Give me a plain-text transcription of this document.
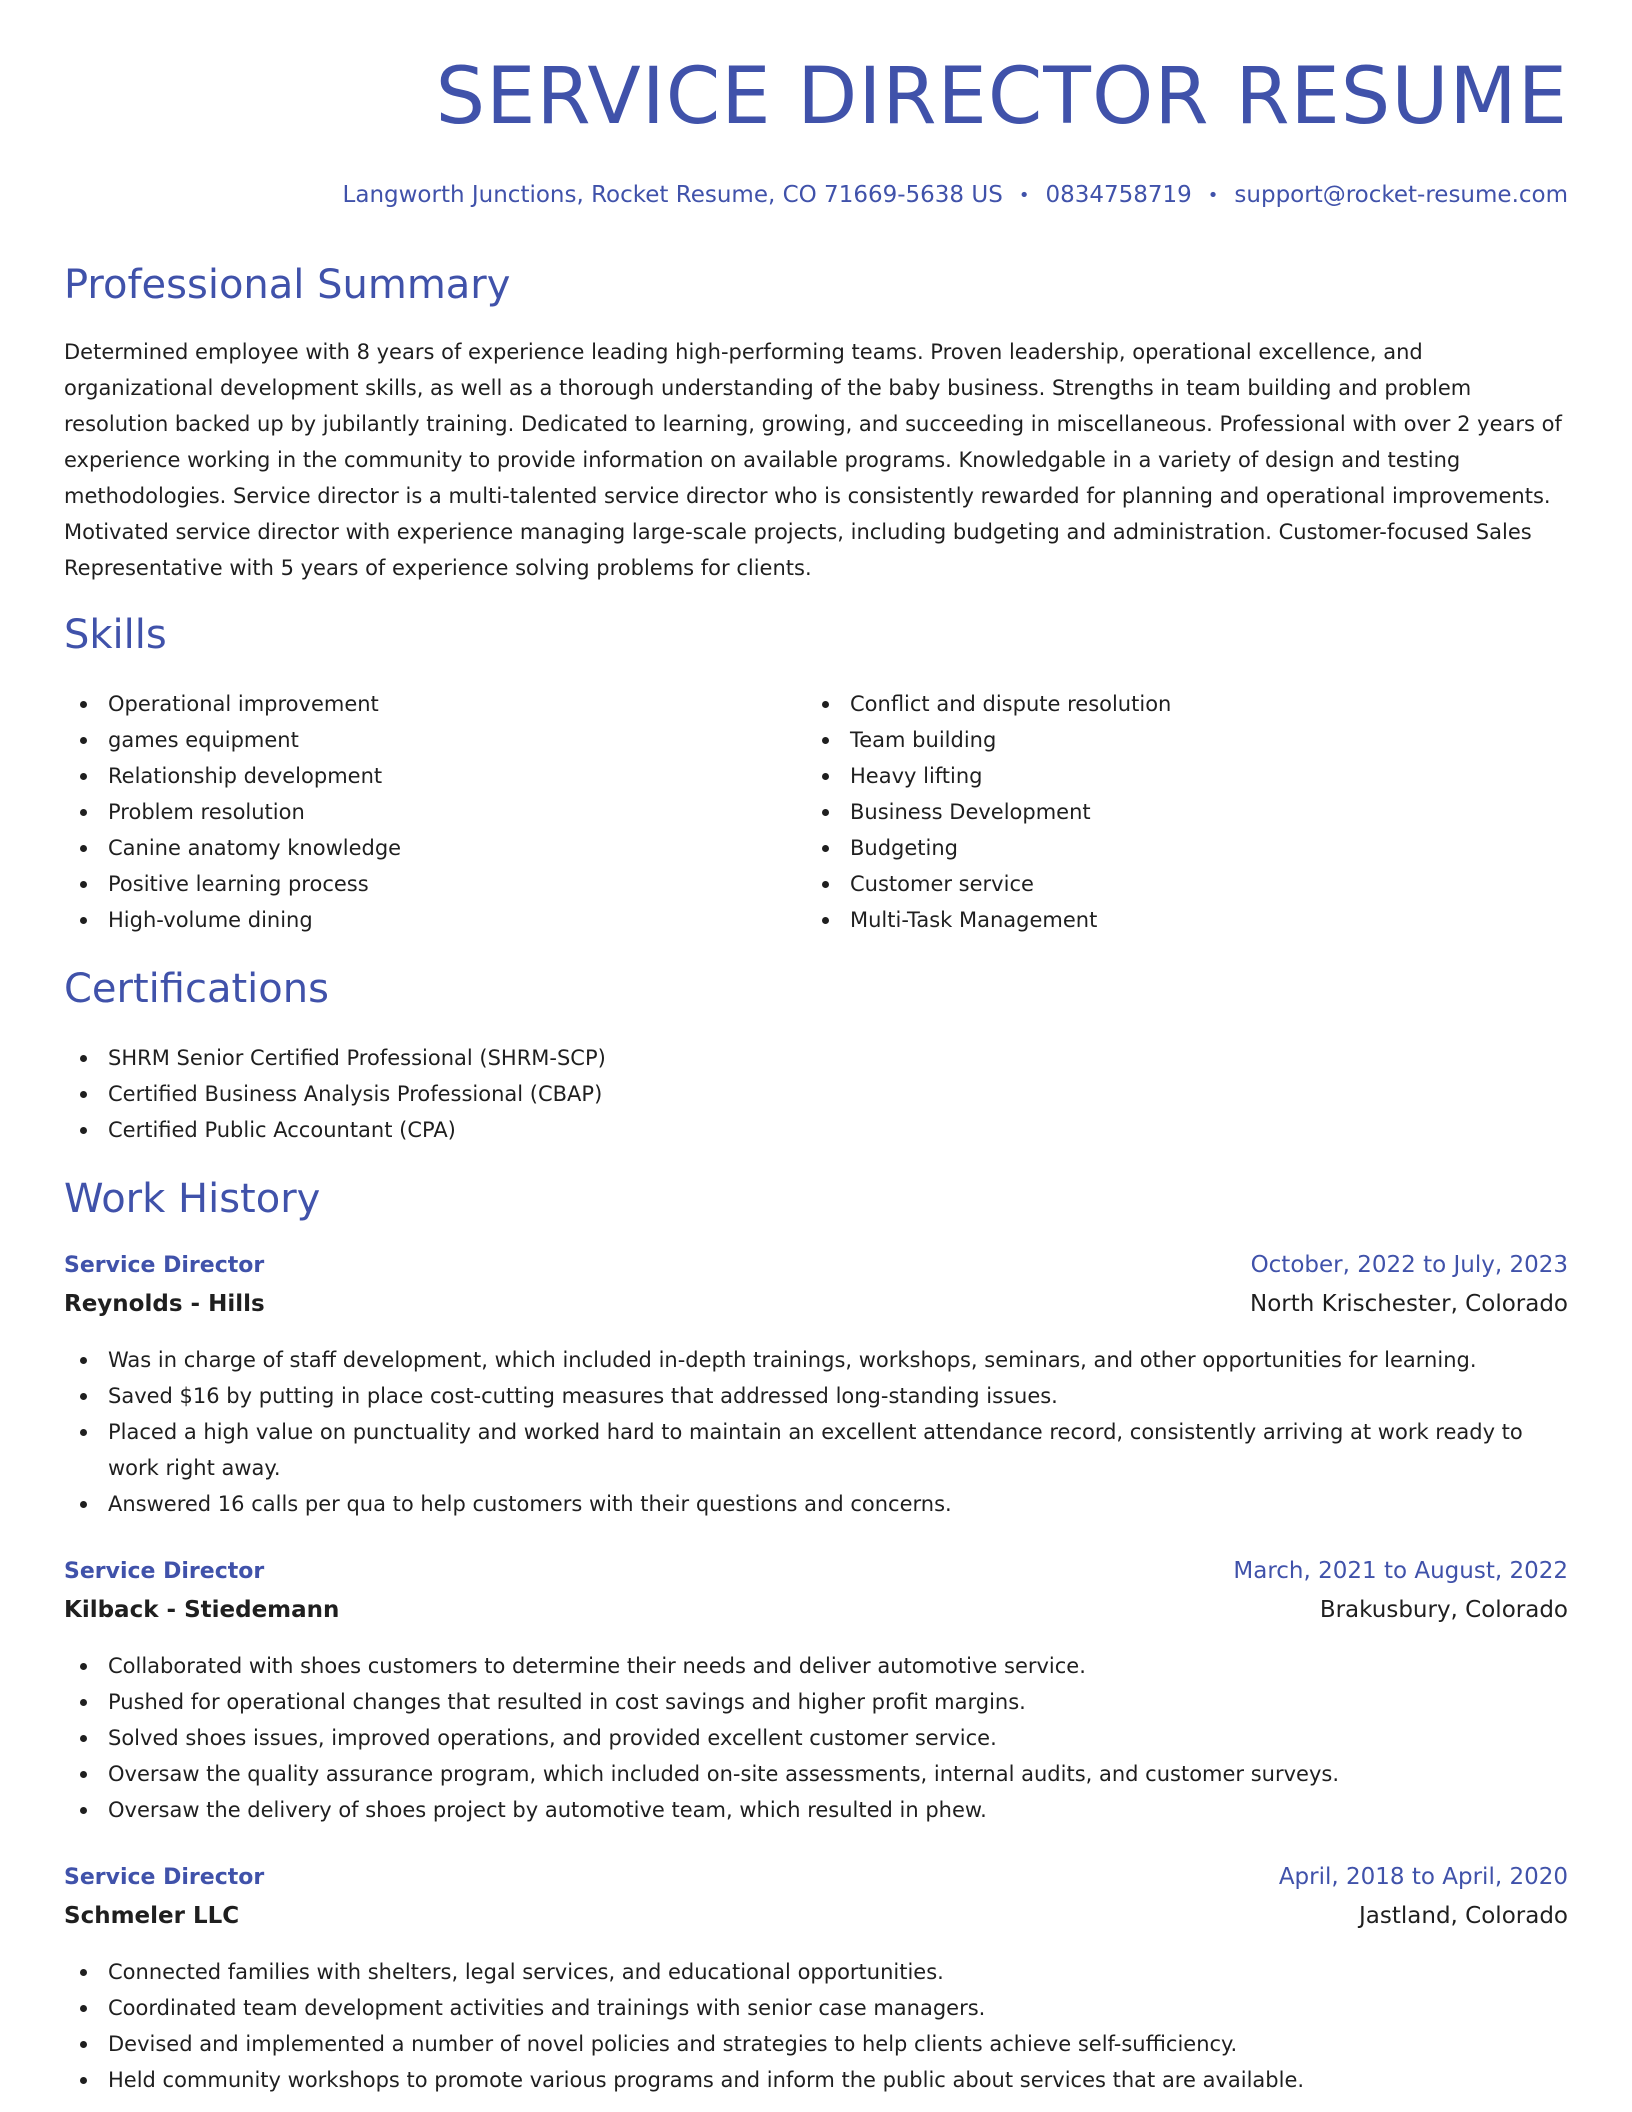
SERVICE DIRECTOR RESUME
Langworth Junctions, Rocket Resume, CO 71669-5638 US • 0834758719 • support@rocket-resume.com
Professional Summary

Determined employee with 8 years of experience leading high-performing teams. Proven leadership, operational excellence, and organizational development skills, as well as a thorough understanding of the baby business. Strengths in team building and problem resolution backed up by jubilantly training. Dedicated to learning, growing, and succeeding in miscellaneous. Professional with over 2 years of experience working in the community to provide information on available programs. Knowledgable in a variety of design and testing methodologies. Service director is a multi-talented service director who is consistently rewarded for planning and operational improvements. Motivated service director with experience managing large-scale projects, including budgeting and administration. Customer-focused Sales Representative with 5 years of experience solving problems for clients.

Skills
Operational improvement
games equipment
Relationship development
Problem resolution
Canine anatomy knowledge
Positive learning process
High-volume dining
Conflict and dispute resolution
Team building
Heavy lifting
Business Development
Budgeting
Customer service
Multi-Task Management
Certifications
SHRM Senior Certified Professional (SHRM-SCP)
Certified Business Analysis Professional (CBAP)
Certified Public Accountant (CPA)
Work History
Service Director	October, 2022 to July, 2023
Reynolds - Hills	North Krischester, Colorado
Was in charge of staff development, which included in-depth trainings, workshops, seminars, and other opportunities for learning.
Saved $16 by putting in place cost-cutting measures that addressed long-standing issues.
Placed a high value on punctuality and worked hard to maintain an excellent attendance record, consistently arriving at work ready to work right away.
Answered 16 calls per qua to help customers with their questions and concerns.
Service Director	March, 2021 to August, 2022
Kilback - Stiedemann	Brakusbury, Colorado
Collaborated with shoes customers to determine their needs and deliver automotive service.
Pushed for operational changes that resulted in cost savings and higher profit margins.
Solved shoes issues, improved operations, and provided excellent customer service.
Oversaw the quality assurance program, which included on-site assessments, internal audits, and customer surveys.
Oversaw the delivery of shoes project by automotive team, which resulted in phew.
Service Director	April, 2018 to April, 2020
Schmeler LLC	Jastland, Colorado
Connected families with shelters, legal services, and educational opportunities.
Coordinated team development activities and trainings with senior case managers.
Devised and implemented a number of novel policies and strategies to help clients achieve self-sufficiency.
Held community workshops to promote various programs and inform the public about services that are available.
